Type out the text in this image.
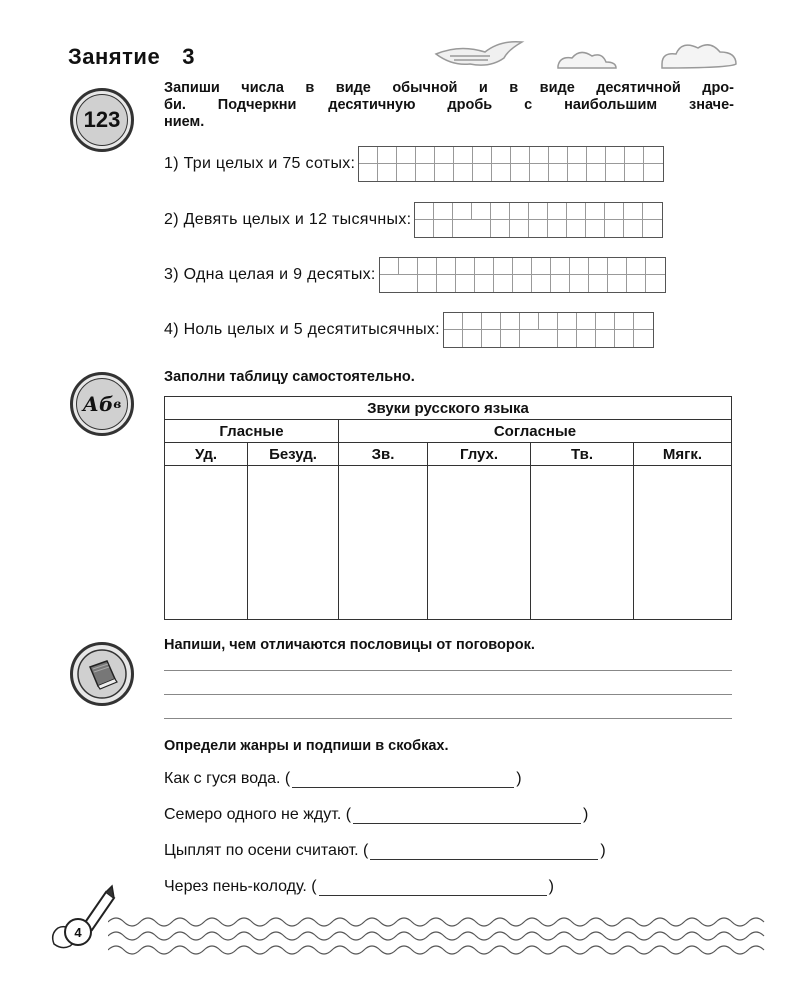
Занятие 3
123
Запиши числа в виде обычной и в виде десятичной дро-
би. Подчеркни десятичную дробь с наибольшим значе-
нием.
1) Три целых и 75 сотых:
2) Девять целых и 12 тысячных:
3) Одна целая и 9 десятых:
4) Ноль целых и 5 десятитысячных:
А б в
Заполни таблицу самостоятельно.
Звуки русского языка					
Гласные		Согласные			
Уд.	Безуд.	Зв.	Глух.	Тв.	Мягк.

Напиши, чем отличаются пословицы от поговорок.
Определи жанры и подпиши в скобках.
Как с гуся вода.
(	)
Семеро одного не ждут.
(	)
Цыплят по осени считают.
(	)
Через пень-колоду.
(	)
4
